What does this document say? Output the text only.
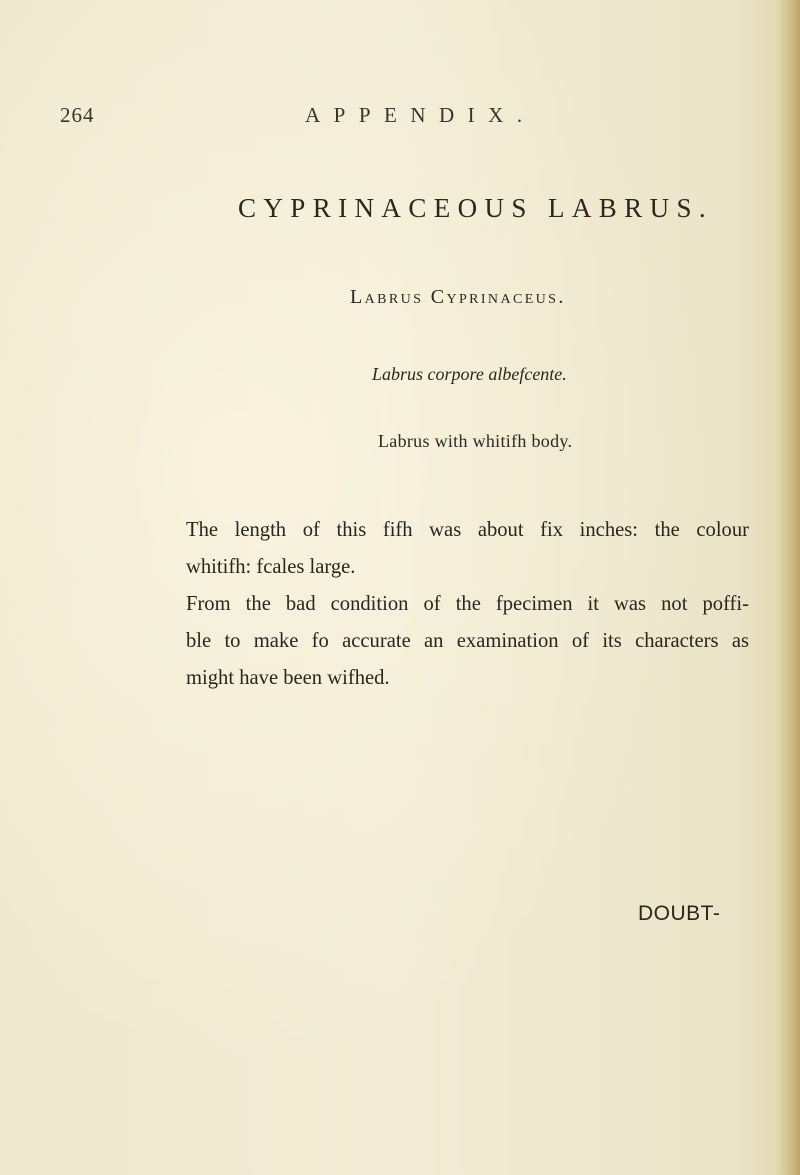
264	APPENDIX.
CYPRINACEOUS LABRUS.
Labrus Cyprinaceus.
Labrus corpore albefcente.
Labrus with whitifh body.
The length of this fifh was about fix inches: the colour
whitifh: fcales large.
From the bad condition of the fpecimen it was not poffi-
ble to make fo accurate an examination of its characters as
might have been wifhed.
DOUBT-
